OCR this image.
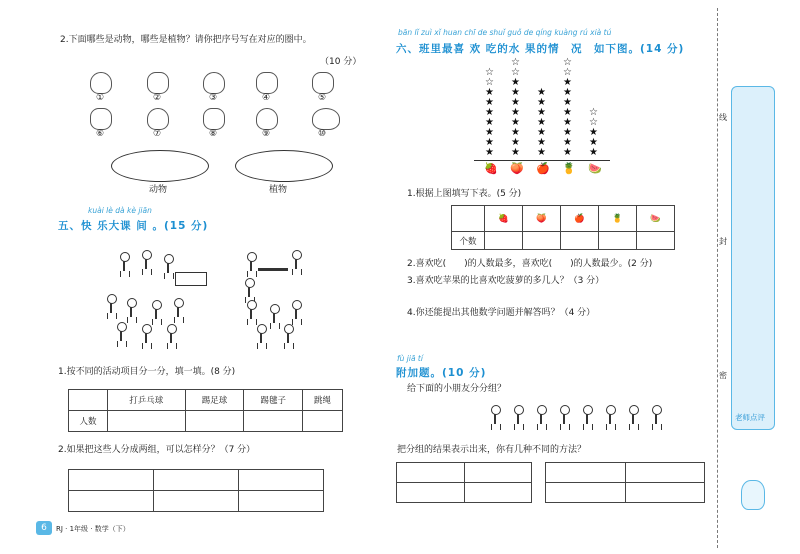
2.下面哪些是动物，哪些是植物？请你把序号写在对应的圈中。
（10 分）
①	②	③	④	⑤
⑥	⑦	⑧	⑨	⑩
动物	植物
kuài lè dà kè jiān
五、快 乐大课 间 。(15 分)
1.按不同的活动项目分一分，填一填。(8 分)
	打乒乓球	踢足球	踢毽子	跳绳
人数				
2.如果把这些人分成两组，可以怎样分？（7 分）

6	RJ · 1年级 · 数学（下）
bān lǐ zuì xǐ huan chī de shuǐ guǒ de qíng kuàng rú xià tú
六、班里最喜 欢 吃的水 果的情　况　如下图。(14 分)
★
★
★
★
★
★
★
☆
☆
🍓
★
★
★
★
★
★
★
★
☆
☆
🍑
★
★
★
★
★
★
★
🍎
★
★
★
★
★
★
★
★
☆
☆
🍍
★
★
★
☆
☆
🍉
1.根据上图填写下表。(5 分)
	🍓	🍑	🍎	🍍	🍉
个数					
2.喜欢吃(　　)的人数最多，喜欢吃(　　)的人数最少。(2 分)
3.喜欢吃苹果的比喜欢吃菠萝的多几人？（3 分）
4.你还能提出其他数学问题并解答吗？（4 分）
fù jiā tí
附加题。(10 分)
给下面的小朋友分分组？
把分组的结果表示出来，你有几种不同的方法？

线
封
密
老师点评
